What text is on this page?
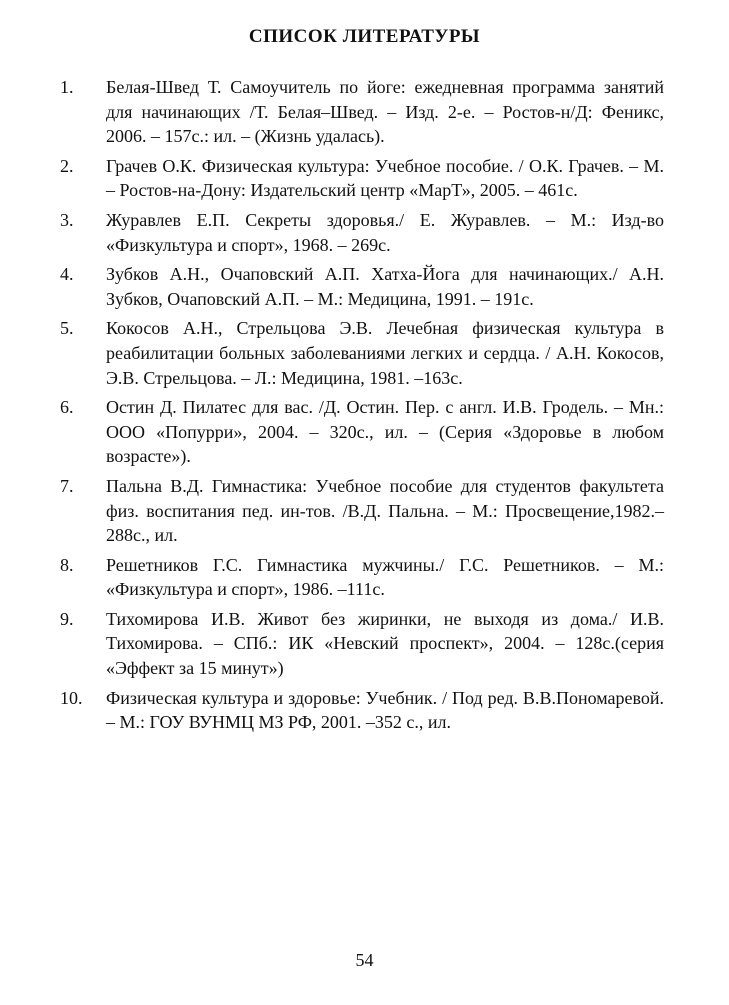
СПИСОК ЛИТЕРАТУРЫ
1.	Белая-Швед Т. Самоучитель по йоге: ежедневная программа занятий для начинающих /Т. Белая–Швед. – Изд. 2-е. – Ростов-н/Д: Феникс, 2006. – 157с.: ил. – (Жизнь удалась).
2.	Грачев О.К. Физическая культура: Учебное пособие. / О.К. Грачев. – М. – Ростов-на-Дону: Издательский центр «МарТ», 2005. – 461с.
3.	Журавлев Е.П. Секреты здоровья./ Е. Журавлев. – М.: Изд-во «Физкультура и спорт», 1968. – 269с.
4.	Зубков А.Н., Очаповский А.П. Хатха-Йога для начинающих./ А.Н. Зубков, Очаповский А.П. – М.: Медицина, 1991. – 191с.
5.	Кокосов А.Н., Стрельцова Э.В. Лечебная физическая культура в реабилитации больных заболеваниями легких и сердца. / А.Н. Кокосов, Э.В. Стрельцова. – Л.: Медицина, 1981. –163с.
6.	Остин Д. Пилатес для вас. /Д. Остин. Пер. с англ. И.В. Гродель. – Мн.: ООО «Попурри», 2004. – 320с., ил. – (Серия «Здоровье в любом возрасте»).
7.	Пальна В.Д. Гимнастика: Учебное пособие для студентов факультета физ. воспитания пед. ин-тов. /В.Д. Пальна. – М.: Просвещение,1982.– 288с., ил.
8.	Решетников Г.С. Гимнастика мужчины./ Г.С. Решетников. – М.: «Физкультура и спорт», 1986. –111с.
9.	Тихомирова И.В. Живот без жиринки, не выходя из дома./ И.В. Тихомирова. – СПб.: ИК «Невский проспект», 2004. – 128с.(серия «Эффект за 15 минут»)
10.	Физическая культура и здоровье: Учебник. / Под ред. В.В.Пономаревой. – М.: ГОУ ВУНМЦ МЗ РФ, 2001. –352 с., ил.
54
